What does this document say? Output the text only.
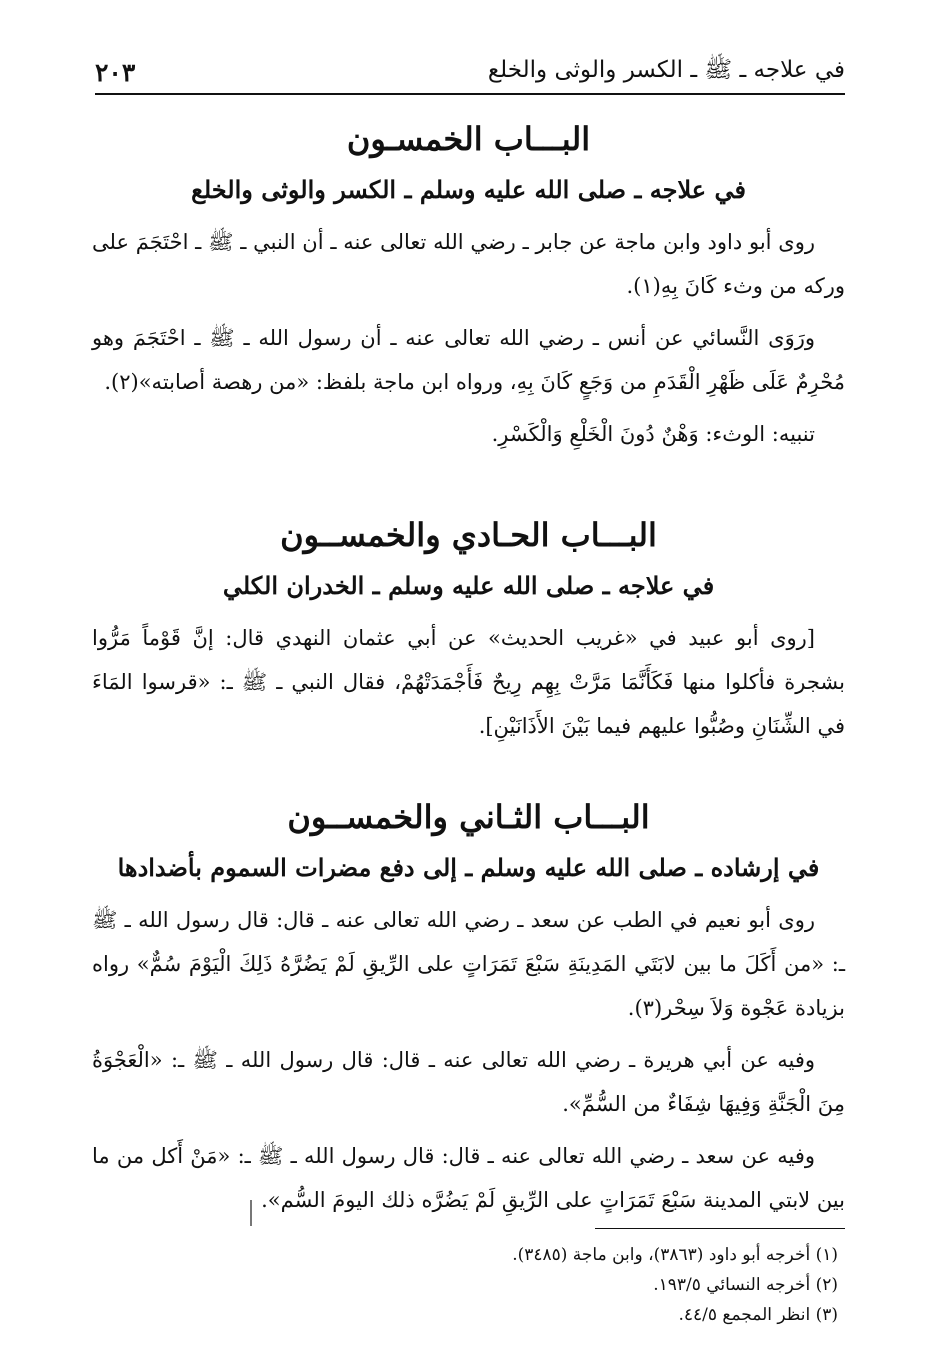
في علاجه ـ ﷺ ـ الكسر والوثى والخلع
٢٠٣
البـــاب الخمسـون
في علاجه ـ صلى الله عليه وسلم ـ الكسر والوثى والخلع

روى أبو داود وابن ماجة عن جابر ـ رضي الله تعالى عنه ـ أن النبي ـ ﷺ ـ احْتَجَمَ على وركه من وثء كَانَ بِهِ(١).

ورَوَى النَّسائي عن أنس ـ رضي الله تعالى عنه ـ أن رسول الله ـ ﷺ ـ احْتَجَمَ وهو مُحْرِمٌ عَلَى ظَهْرِ الْقَدَمِ من وَجَعٍ كَانَ بِهِ، ورواه ابن ماجة بلفظ: «من رهصة أصابته»(٢).

تنبيه: الوثء: وَهْنٌ دُونَ الْخَلْعِ وَالْكَسْرِ.

البـــاب الحـادي والخمســون
في علاجه ـ صلى الله عليه وسلم ـ الخدران الكلي

[روى أبو عبيد في «غريب الحديث» عن أبي عثمان النهدي قال: إنَّ قَوْماً مَرُّوا بشجرة فأكلوا منها فَكَأَنَّمَا مَرَّتْ بِهِم رِيحٌ فَأَجْمَدَتْهُمْ، فقال النبي ـ ﷺ ـ: «قرسوا المَاءَ في الشِّنَانِ وصُبُّوا عليهم فيما بَيْنَ الأَذَانَيْنِ].

البـــاب الثـاني والخمســون
في إرشاده ـ صلى الله عليه وسلم ـ إلى دفع مضرات السموم بأضدادها

روى أبو نعيم في الطب عن سعد ـ رضي الله تعالى عنه ـ قال: قال رسول الله ـ ﷺ ـ: «من أَكَلَ ما بين لابَتَي المَدِينَةِ سَبْعَ تَمَرَاتٍ على الرِّيقِ لَمْ يَضُرَّهُ ذَلِكَ الْيَوْمَ سُمٌّ» رواه بزيادة عَجْوة وَلاَ سِحْر(٣).

وفيه عن أبي هريرة ـ رضي الله تعالى عنه ـ قال: قال رسول الله ـ ﷺ ـ: «الْعَجْوَةُ مِنَ الْجَنَّةِ وَفِيهَا شِفَاءٌ من السُّمِّ».

وفيه عن سعد ـ رضي الله تعالى عنه ـ قال: قال رسول الله ـ ﷺ ـ: «مَنْ أَكل من ما بين لابتي المدينة سَبْعَ تَمَرَاتٍ على الرِّيقِ لَمْ يَضُرَّه ذلك اليومَ السُّم».

(١) أخرجه أبو داود (٣٨٦٣)، وابن ماجة (٣٤٨٥).

(٢) أخرجه النسائي ١٩٣/٥.

(٣) انظر المجمع ٤٤/٥.
